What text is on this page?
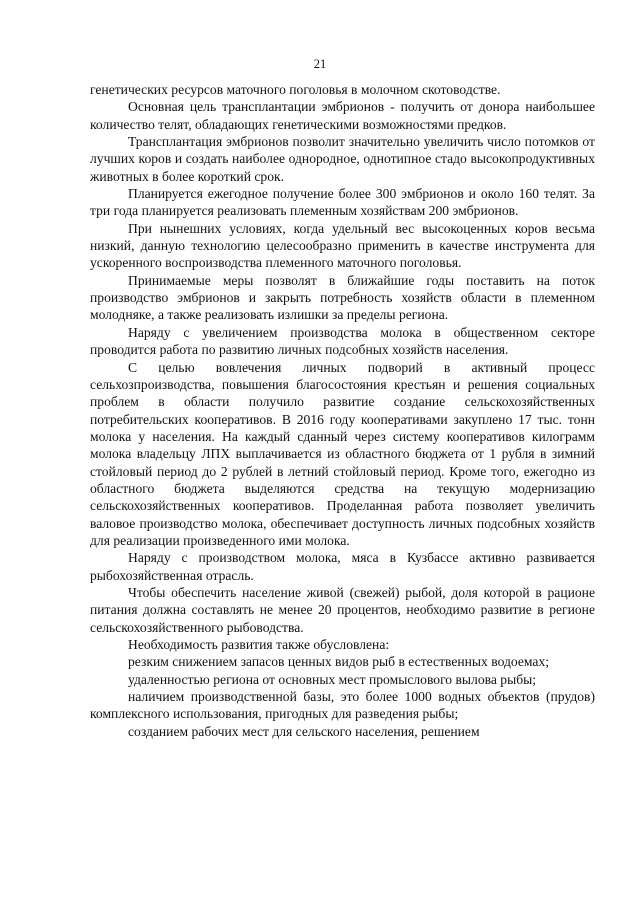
21

генетических ресурсов маточного поголовья в молочном скотоводстве.

Основная цель трансплантации эмбрионов - получить от донора наибольшее количество телят, обладающих генетическими возможностями предков.

Трансплантация эмбрионов позволит значительно увеличить число потомков от лучших коров и создать наиболее однородное, однотипное стадо высокопродуктивных животных в более короткий срок.

Планируется ежегодное получение более 300 эмбрионов и около 160 телят. За три года планируется реализовать племенным хозяйствам 200 эмбрионов.

При нынешних условиях, когда удельный вес высокоценных коров весьма низкий, данную технологию целесообразно применить в качестве инструмента для ускоренного воспроизводства племенного маточного поголовья.

Принимаемые меры позволят в ближайшие годы поставить на поток производство эмбрионов и закрыть потребность хозяйств области в племенном молодняке, а также реализовать излишки за пределы региона.

Наряду с увеличением производства молока в общественном секторе проводится работа по развитию личных подсобных хозяйств населения.

С целью вовлечения личных подворий в активный процесс сельхозпроизводства, повышения благосостояния крестьян и решения социальных проблем в области получило развитие создание сельскохозяйственных потребительских кооперативов. В 2016 году кооперативами закуплено 17 тыс. тонн молока у населения. На каждый сданный через систему кооперативов килограмм молока владельцу ЛПХ выплачивается из областного бюджета от 1 рубля в зимний стойловый период до 2 рублей в летний стойловый период. Кроме того, ежегодно из областного бюджета выделяются средства на текущую модернизацию сельскохозяйственных кооперативов. Проделанная работа позволяет увеличить валовое производство молока, обеспечивает доступность личных подсобных хозяйств для реализации произведенного ими молока.

Наряду с производством молока, мяса в Кузбассе активно развивается рыбохозяйственная отрасль.

Чтобы обеспечить население живой (свежей) рыбой, доля которой в рационе питания должна составлять не менее 20 процентов, необходимо развитие в регионе сельскохозяйственного рыбоводства.

Необходимость развития также обусловлена:

резким снижением запасов ценных видов рыб в естественных водоемах;

удаленностью региона от основных мест промыслового вылова рыбы;

наличием производственной базы, это более 1000 водных объектов (прудов) комплексного использования, пригодных для разведения рыбы;

созданием рабочих мест для сельского населения, решением
